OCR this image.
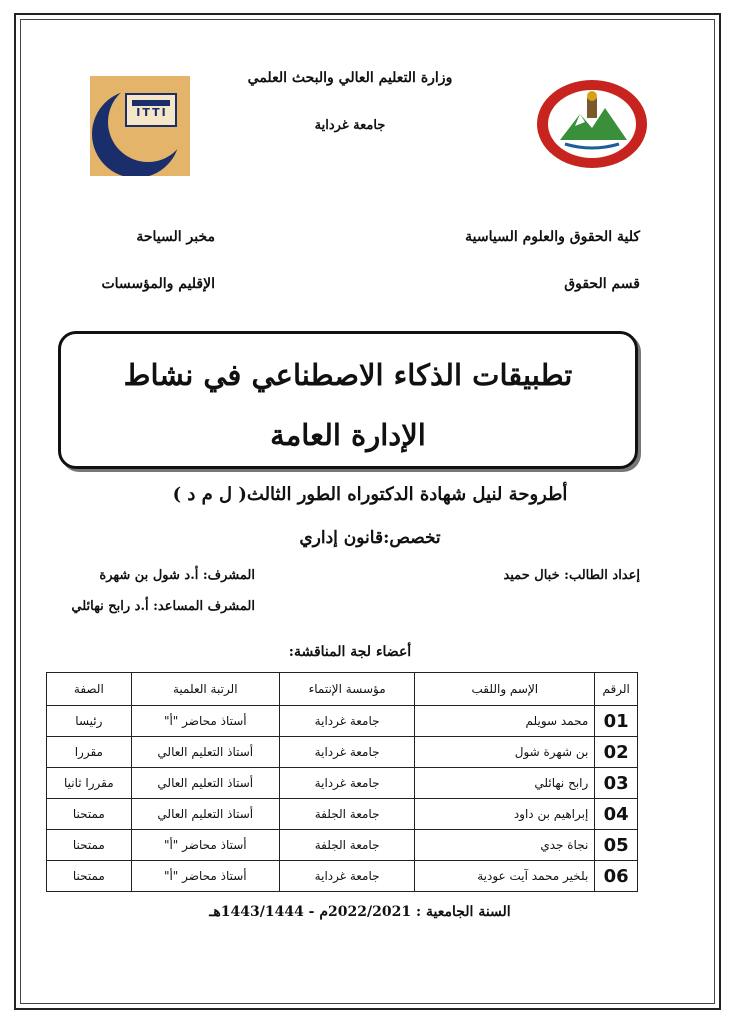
وزارة التعليم العالي والبحث العلمي
جامعة غرداية
ITTI
كلية الحقوق والعلوم السياسية
قسم الحقوق
مخبر السياحة
الإقليم والمؤسسات
تطبيقات الذكاء الاصطناعي في نشاط
الإدارة العامة
أطروحة لنيل شهادة الدكتوراه الطور الثالث( ل م د )
تخصص:قانون إداري
إعداد الطالب: خبال حميد
المشرف: أ.د شول بن شهرة
المشرف المساعد: أ.د رابح نهائلي
أعضاء لجة المناقشة:
الرقم	الإسم واللقب	مؤسسة الإنتماء	الرتبة العلمية	الصفة
01	محمد سويلم	جامعة غرداية	أستاذ محاضر "أ"	رئيسا
02	بن شهرة شول	جامعة غرداية	أستاذ التعليم العالي	مقررا
03	رابح نهائلي	جامعة غرداية	أستاذ التعليم العالي	مقررا ثانيا
04	إبراهيم بن داود	جامعة الجلفة	أستاذ التعليم العالي	ممتحنا
05	نجاة جدي	جامعة الجلفة	أستاذ محاضر "أ"	ممتحنا
06	بلخير محمد آيت عودية	جامعة غرداية	أستاذ محاضر "أ"	ممتحنا
السنة الجامعية : 2022/2021م - 1443/1444هـ
